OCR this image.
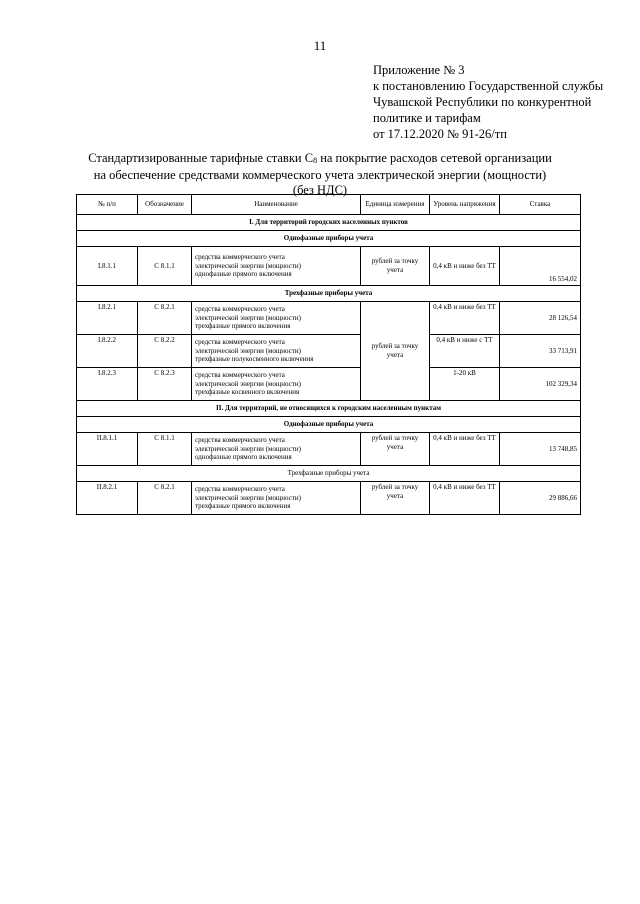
11
Приложение № 3
к постановлению Государственной службы
Чувашской Республики по конкурентной
политике и тарифам
от 17.12.2020 № 91-26/тп
Стандартизированные тарифные ставки $С_8$ на покрытие расходов сетевой организации
на обеспечение средствами коммерческого учета электрической энергии (мощности)
(без НДС)
№ п/п	Обозначение	Наименование	Единица измерения	Уровень напряжения	Ставка
I. Для территорий городских населенных пунктов					
Однофазные приборы учета					
I.8.1.1	С 8.1.1	средства коммерческого учета
электрической энергии (мощности)
однофазные прямого включения	рублей за точку учета	0,4 кВ и ниже без ТТ	16 554,02
Трехфазные приборы учета					
I.8.2.1	С 8.2.1	средства коммерческого учета
электрической энергии (мощности)
трехфазные прямого включения	рублей за точку учета	0,4 кВ и ниже без ТТ	28 126,54
I.8.2.2	С 8.2.2	средства коммерческого учета
электрической энергии (мощности)
трехфазные полукосвенного включения		0,4 кВ и ниже с ТТ	33 713,91
I.8.2.3	С 8.2.3	средства коммерческого учета
электрической энергии (мощности)
трехфазные косвенного включения		1-20 кВ	102 329,34
II. Для территорий, не относящихся к городским населенным пунктам					
Однофазные приборы учета					
II.8.1.1	С 8.1.1	средства коммерческого учета
электрической энергии (мощности)
однофазные прямого включения	рублей за точку учета	0,4 кВ и ниже без ТТ	13 748,85
Трехфазные приборы учета					
II.8.2.1	С 8.2.1	средства коммерческого учета
электрической энергии (мощности)
трехфазные прямого включения	рублей за точку учета	0,4 кВ и ниже без ТТ	29 886,66
